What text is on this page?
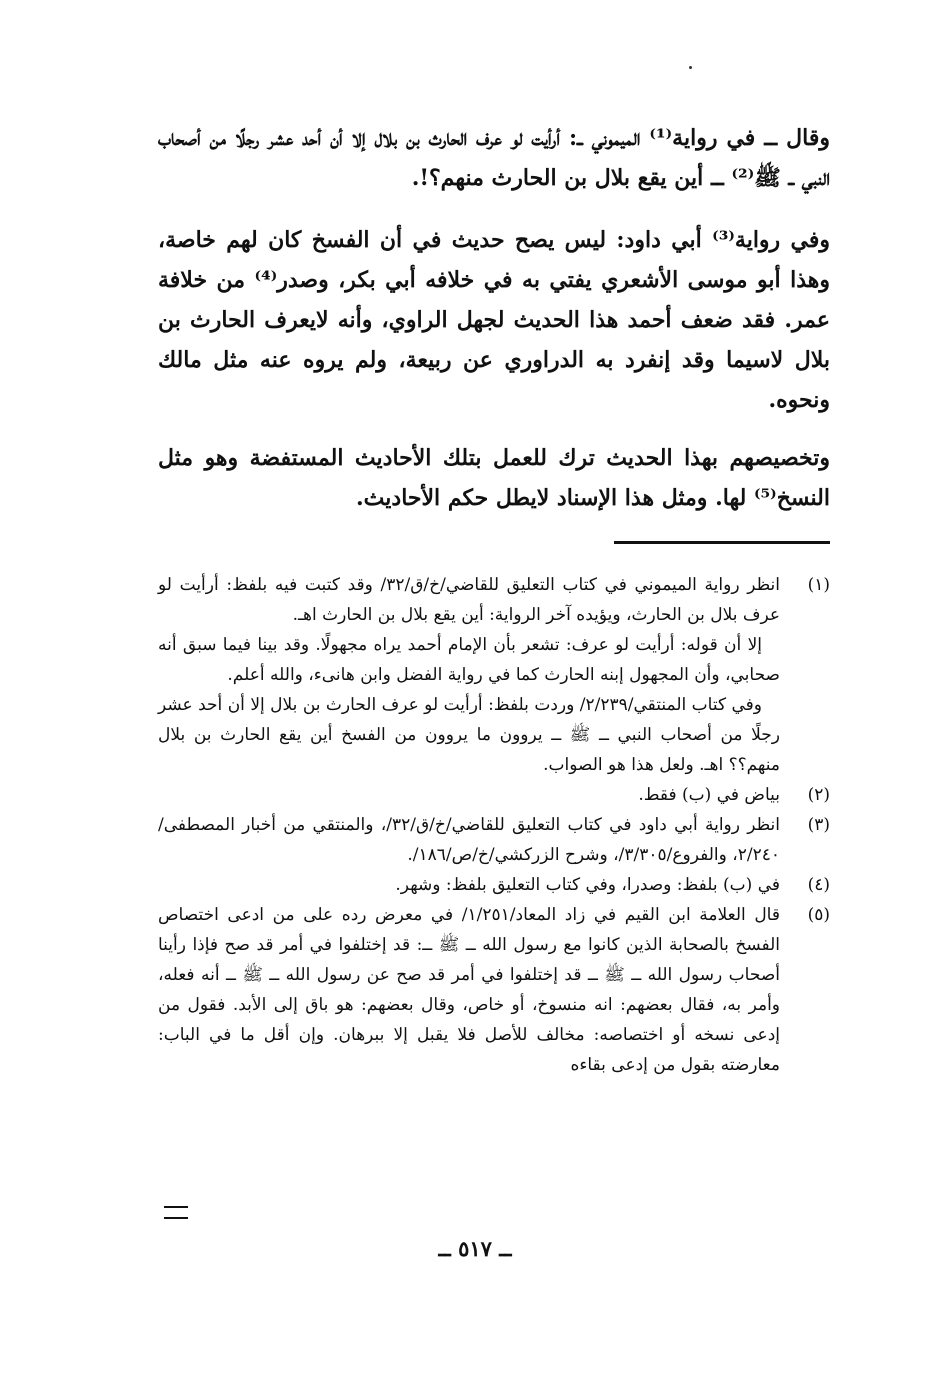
وقال ــ في رواية⁽¹⁾ الميموني ــ: أرأيت لو عرف الحارث بن بلال إلا أن أحد عشر رجلًا من أصحاب النبي ــ ﷺ⁽²⁾ ــ أين يقع بلال بن الحارث منهم؟!.

وفي رواية⁽³⁾ أبي داود: ليس يصح حديث في أن الفسخ كان لهم خاصة، وهذا أبو موسى الأشعري يفتي به في خلافه أبي بكر، وصدر⁽⁴⁾ من خلافة عمر. فقد ضعف أحمد هذا الحديث لجهل الراوي، وأنه لايعرف الحارث بن بلال لاسيما وقد إنفرد به الدراوري عن ربيعة، ولم يروه عنه مثل مالك ونحوه.

وتخصيصهم بهذا الحديث ترك للعمل بتلك الأحاديث المستفضة وهو مثل النسخ⁽⁵⁾ لها. ومثل هذا الإسناد لايطل حكم الأحاديث.

(١)

انظر رواية الميموني في كتاب التعليق للقاضي/خ/ق/٣٢/ وقد كتبت فيه بلفظ: أرأيت لو عرف بلال بن الحارث، ويؤيده آخر الرواية: أين يقع بلال بن الحارث اهـ.

إلا أن قوله: أرأيت لو عرف: تشعر بأن الإمام أحمد يراه مجهولًا. وقد بينا فيما سبق أنه صحابي، وأن المجهول إبنه الحارث كما في رواية الفضل وابن هانىء، والله أعلم.

وفي كتاب المنتقي/٢/٢٣٩/ وردت بلفظ: أرأيت لو عرف الحارث بن بلال إلا أن أحد عشر رجلًا من أصحاب النبي ــ ﷺ ــ يروون ما يروون من الفسخ أين يقع الحارث بن بلال منهم؟؟ اهـ. ولعل هذا هو الصواب.

(٢)

بياض في (ب) فقط.

(٣)

انظر رواية أبي داود في كتاب التعليق للقاضي/خ/ق/٣٢/، والمنتقي من أخبار المصطفى/٢/٢٤٠، والفروع/٣/٣٠٥/، وشرح الزركشي/خ/ص/١٨٦/.

(٤)

في (ب) بلفظ: وصدرا، وفي كتاب التعليق بلفظ: وشهر.

(٥)

قال العلامة ابن القيم في زاد المعاد/١/٢٥١/ في معرض رده على من ادعى اختصاص الفسخ بالصحابة الذين كانوا مع رسول الله ــ ﷺ ــ: قد إختلفوا في أمر قد صح فإذا رأينا أصحاب رسول الله ــ ﷺ ــ قد إختلفوا في أمر قد صح عن رسول الله ــ ﷺ ــ أنه فعله، وأمر به، فقال بعضهم: انه منسوخ، أو خاص، وقال بعضهم: هو باق إلى الأبد. فقول من إدعى نسخه أو اختصاصه: مخالف للأصل فلا يقبل إلا ببرهان. وإن أقل ما في الباب: معارضته بقول من إدعى بقاءه

ــ ٥١٧ ــ
